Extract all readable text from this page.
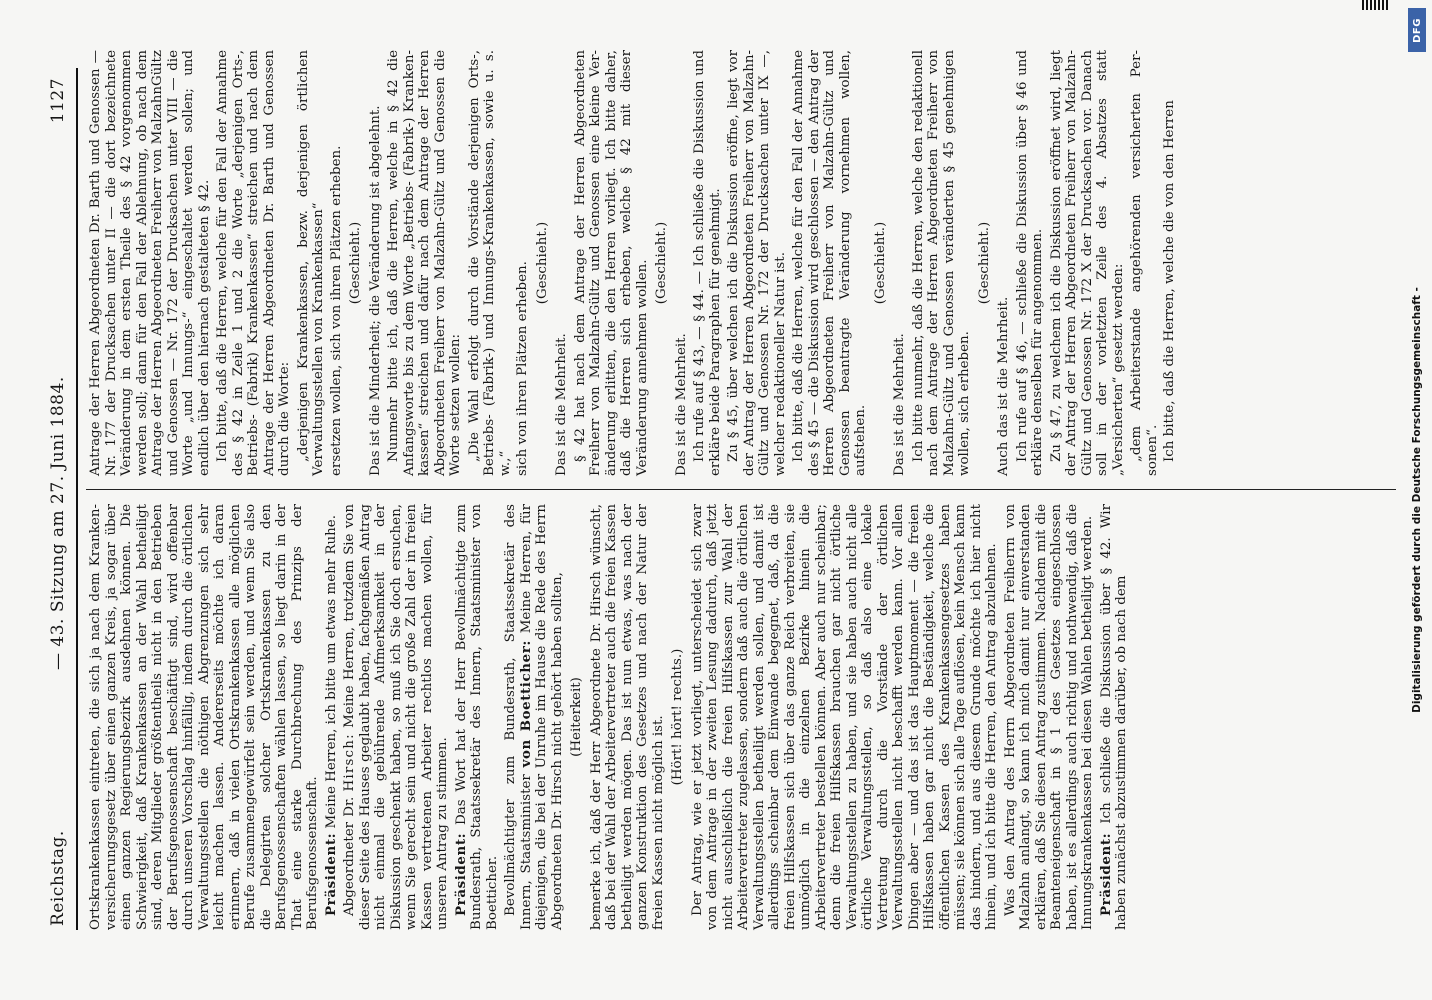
Reichstag.
— 43. Sitzung am 27. Juni 1884.
1127

Ortskrankenkassen eintreten, die sich ja nach dem Krankenversicherungsgesetz über einen ganzen Kreis, ja sogar über einen ganzen Regierungsbezirk ausdehnen können. Die Schwierigkeit, daß Krankenkassen an der Wahl betheiligt sind, deren Mitglieder größtentheils nicht in den Betrieben der Berufsgenossenschaft beschäftigt sind, wird offenbar durch unseren Vorschlag hinfällig, indem durch die örtlichen Verwaltungsstellen die nöthigen Abgrenzungen sich sehr leicht machen lassen. Andererseits möchte ich daran erinnern, daß in vielen Ortskrankenkassen alle möglichen Berufe zusammengewürfelt sein werden, und wenn Sie also die Delegirten solcher Ortskrankenkassen zu den Berufsgenossenschaften wählen lassen, so liegt darin in der That eine starke Durchbrechung des Prinzips der Berufsgenossenschaft. Präsident: Meine Herren, ich bitte um etwas mehr Ruhe.

Abgeordneter Dr. Hirsch: Meine Herren, trotzdem Sie von dieser Seite des Hauses geglaubt haben, fachgemäßen Antrag nicht einmal die gebührende Aufmerksamkeit in der Diskussion geschenkt haben, so muß ich Sie doch ersuchen, wenn Sie gerecht sein und nicht die große Zahl der in freien Kassen vertretenen Arbeiter rechtlos machen wollen, für unseren Antrag zu stimmen. Präsident: Das Wort hat der Herr Bevollmächtigte zum Bundesrath, Staatssekretär des Innern, Staatsminister von Boetticher. Bevollmächtigter zum Bundesrath, Staatssekretär des Innern, Staatsminister von Boetticher: Meine Herren, für diejenigen, die bei der Unruhe im Hause die Rede des Herrn Abgeordneten Dr. Hirsch nicht gehört haben sollten, (Heiterkeit) bemerke ich, daß der Herr Abgeordnete Dr. Hirsch wünscht, daß bei der Wahl der Arbeitervertreter auch die freien Kassen betheiligt werden mögen. Das ist nun etwas, was nach der ganzen Konstruktion des Gesetzes und nach der Natur der freien Kassen nicht möglich ist. (Hört! hört! rechts.) Der Antrag, wie er jetzt vorliegt, unterscheidet sich zwar von dem Antrage in der zweiten Lesung dadurch, daß jetzt nicht ausschließlich die freien Hilfskassen zur Wahl der Arbeitervertreter zugelassen, sondern daß auch die örtlichen Verwaltungsstellen betheiligt werden sollen, und damit ist allerdings scheinbar dem Einwande begegnet, daß, da die freien Hilfskassen sich über das ganze Reich verbreiten, sie unmöglich in die einzelnen Bezirke hinein die Arbeitervertreter bestellen können. Aber auch nur scheinbar; denn die freien Hilfskassen brauchen gar nicht örtliche Verwaltungsstellen zu haben, und sie haben auch nicht alle örtliche Verwaltungsstellen, so daß also eine lokale Vertretung durch die Vorstände der örtlichen Verwaltungsstellen nicht beschafft werden kann. Vor allen Dingen aber — und das ist das Hauptmoment — die freien Hilfskassen haben gar nicht die Beständigkeit, welche die öffentlichen Kassen des Krankenkassengesetzes haben müssen; sie können sich alle Tage auflösen, kein Mensch kann das hindern, und aus diesem Grunde möchte ich hier nicht hinein, und ich bitte die Herren, den Antrag abzulehnen. Was den Antrag des Herrn Abgeordneten Freiherrn von Malzahn anlangt, so kann ich mich damit nur einverstanden erklären, daß Sie diesen Antrag zustimmen. Nachdem mit die Beamteneigenschaft in § 1 des Gesetzes eingeschlossen haben, ist es allerdings auch richtig und nothwendig, daß die Innungskrankenkassen bei diesen Wahlen betheiligt werden. Präsident: Ich schließe die Diskussion über § 42. Wir haben zunächst abzustimmen darüber, ob nach dem

Antrage der Herren Abgeordneten Dr. Barth und Genossen — Nr. 177 der Drucksachen unter II — die dort bezeichnete Veränderung in dem ersten Theile des § 42 vorgenommen werden soll; dann für den Fall der Ablehnung, ob nach dem Antrage der Herren Abgeordneten Freiherr von MalzahnGültz und Genossen — Nr. 172 der Drucksachen unter VIII — die Worte „und Innungs-“ eingeschaltet werden sollen; und endlich über den hiernach gestalteten § 42. Ich bitte, daß die Herren, welche für den Fall der Annahme des § 42 in Zeile 1 und 2 die Worte „derjenigen Orts-, Betriebs- (Fabrik) Krankenkassen“ streichen und nach dem Antrage der Herren Abgeordneten Dr. Barth und Genossen durch die Worte: „derjenigen Krankenkassen, bezw. derjenigen örtlichen Verwaltungsstellen von Krankenkassen“ ersetzen wollen, sich von ihren Plätzen erheben. (Geschieht.) Das ist die Minderheit; die Veränderung ist abgelehnt. Nunmehr bitte ich, daß die Herren, welche in § 42 die Anfangsworte bis zu dem Worte „Betriebs- (Fabrik-) Krankenkassen“ streichen und dafür nach dem Antrage der Herren Abgeordneten Freiherr von Malzahn-Gültz und Genossen die Worte setzen wollen: „Die Wahl erfolgt durch die Vorstände derjenigen Orts-, Betriebs- (Fabrik-) und Innungs-Krankenkassen, sowie u. s. w.,“ sich von ihren Plätzen erheben. (Geschieht.)

Das ist die Mehrheit. § 42 hat nach dem Antrage der Herren Abgeordneten Freiherr von Malzahn-Gültz und Genossen eine kleine Veränderung erlitten, die den Herren vorliegt. Ich bitte daher, daß die Herren sich erheben, welche § 42 mit dieser Veränderung annehmen wollen. (Geschieht.)

Das ist die Mehrheit. Ich rufe auf § 43, — § 44. — Ich schließe die Diskussion und erkläre beide Paragraphen für genehmigt. Zu § 45, über welchen ich die Diskussion eröffne, liegt vor der Antrag der Herren Abgeordneten Freiherr von Malzahn-Gültz und Genossen Nr. 172 der Drucksachen unter IX —, welcher redaktioneller Natur ist. Ich bitte, daß die Herren, welche für den Fall der Annahme des § 45 — die Diskussion wird geschlossen — den Antrag der Herren Abgeordneten Freiherr von Malzahn-Gültz und Genossen beantragte Veränderung vornehmen wollen, aufstehen.

(Geschieht.)

Das ist die Mehrheit. Ich bitte nunmehr, daß die Herren, welche den redaktionell nach dem Antrage der Herren Abgeordneten Freiherr von Malzahn-Gültz und Genossen veränderten § 45 genehmigen wollen, sich erheben.

(Geschieht.)

Auch das ist die Mehrheit. Ich rufe auf § 46, — schließe die Diskussion über § 46 und erkläre denselben für angenommen. Zu § 47, zu welchem ich die Diskussion eröffnet wird, liegt der Antrag der Herren Abgeordneten Freiherr von Malzahn-Gültz und Genossen Nr. 172 X der Drucksachen vor. Danach soll in der vorletzten Zeile des 4. Absatzes statt „Versicherten“ gesetzt werden: „dem Arbeiterstande angehörenden versicherten Personen“. Ich bitte, daß die Herren, welche die von den Herren

DFG
Digitalisierung gefördert durch die Deutsche Forschungsgemeinschaft -
